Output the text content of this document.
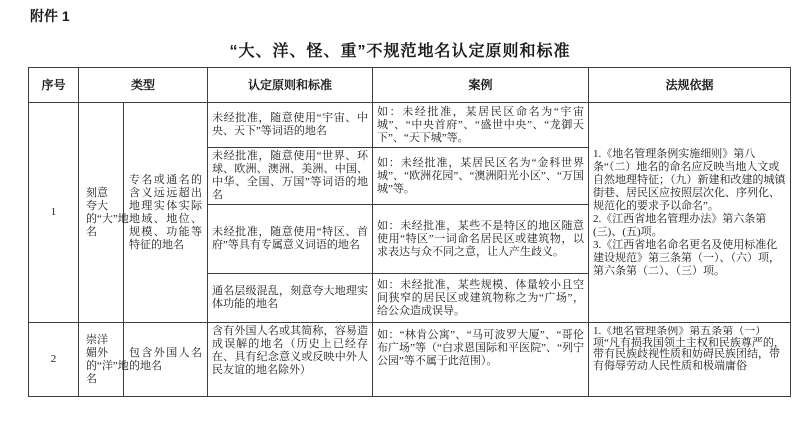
附件 1
“大、洋、怪、重”不规范地名认定原则和标准
序号	类型		认定原则和标准	案例	法规依据
1	刻意夸大的“大”地名	专名或通名的含义远远超出地理实体实际地域、地位、规模、功能等特征的地名	未经批准，随意使用“宇宙、中央、天下”等词语的地名	如：未经批准，某居民区命名为“宇宙城”、“中央首府”、“盛世中央”、“龙御天下”、“天下城”等。	1.《地名管理条例实施细则》第八条“（二）地名的命名应反映当地人文或自然地理特征；（九）新建和改建的城镇街巷、居民区应按照层次化、序列化、规范化的要求予以命名”。
2.《江西省地名管理办法》第六条第(三)、(五)项。
3.《江西省地名命名更名及使用标准化建设规范》第三条第（一）、（六）项，第六条第（二）、（三）项。

			未经批准，随意使用“世界、环球、欧洲、澳洲、美洲、中国、中华、全国、万国”等词语的地名	如：未经批准，某居民区名为“金科世界城”、“欧洲花园”、“澳洲阳光小区”、“万国城”等。	
			未经批准，随意使用“特区、首府”等具有专属意义词语的地名	如：未经批准，某些不是特区的地区随意使用“特区”一词命名居民区或建筑物，以求表达与众不同之意，让人产生歧义。	
			通名层级混乱，刻意夸大地理实体功能的地名	如：未经批准，某些规模、体量较小且空间狭窄的居民区或建筑物称之为“广场”，给公众造成误导。	
2	崇洋媚外的“洋”地名	包含外国人名的地名	含有外国人名或其简称，容易造成误解的地名（历史上已经存在、具有纪念意义或反映中外人民友谊的地名除外）	如：“林肯公寓”、“马可波罗大厦”、“哥伦布广场”等（“白求恩国际和平医院”、“列宁公园”等不属于此范围）。	1.《地名管理条例》第五条第（一）项“凡有损我国领土主权和民族尊严的，带有民族歧视性质和妨碍民族团结，带有侮辱劳动人民性质和极端庸俗
